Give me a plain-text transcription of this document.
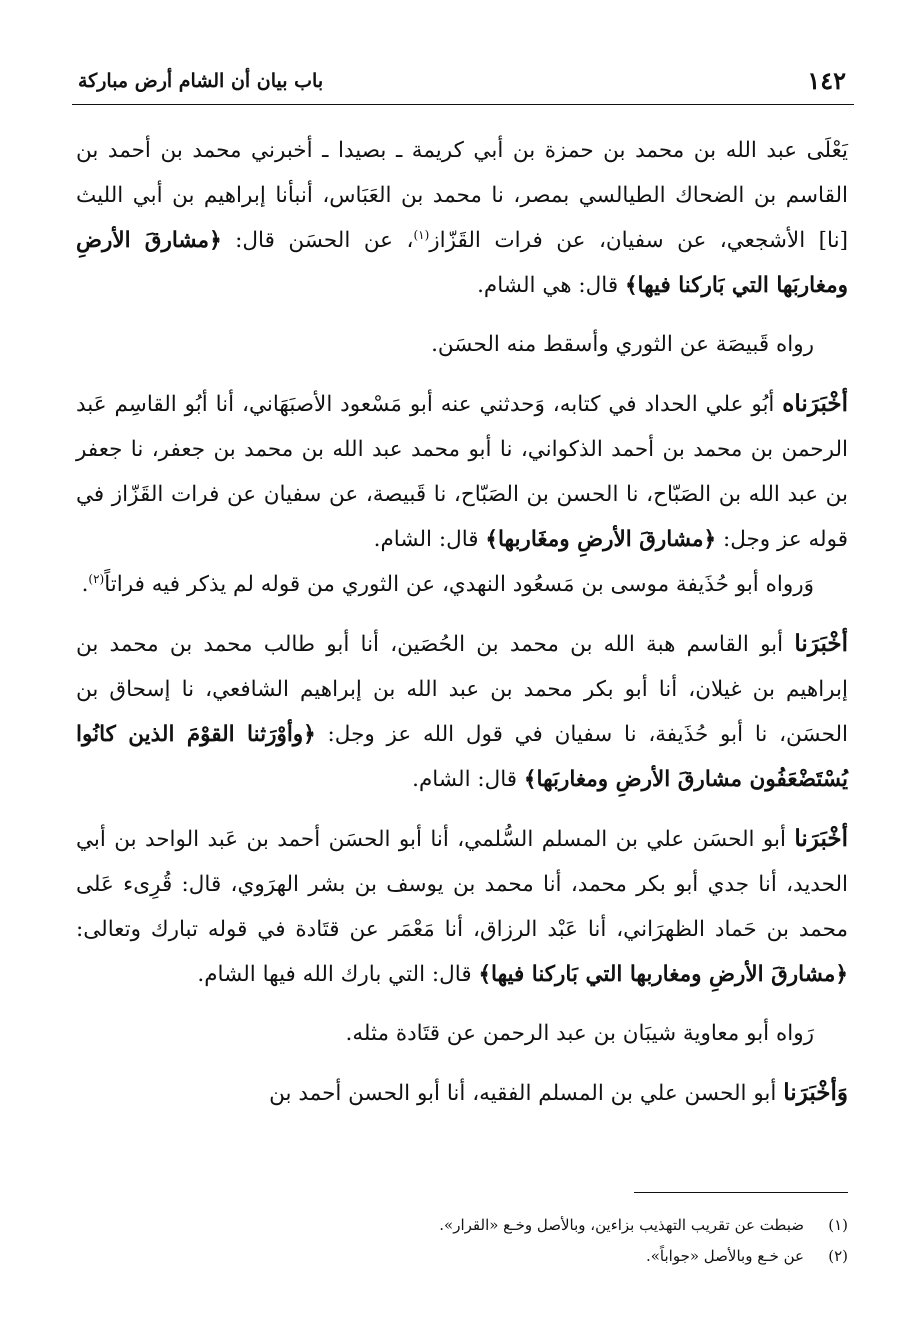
١٤٢
باب بيان أن الشام أرض مباركة

يَعْلَى عبد الله بن محمد بن حمزة بن أبي كريمة ـ بصيدا ـ أخبرني محمد بن أحمد بن القاسم بن الضحاك الطيالسي بمصر، نا محمد بن العَبَاس، أنبأنا إبراهيم بن أبي الليث [نا] الأشجعي، عن سفيان، عن فرات القَزّاز$^{(١)}$، عن الحسَن قال: ﴿مشارقَ الأرضِ ومغاربَها التي بَاركنا فيها﴾ قال: هي الشام.

رواه قَبيصَة عن الثوري وأسقط منه الحسَن.

أخْبَرَناه أبُو علي الحداد في كتابه، وَحدثني عنه أبو مَسْعود الأصبَهَاني، أنا أبُو القاسِم عَبد الرحمن بن محمد بن أحمد الذكواني، نا أبو محمد عبد الله بن محمد بن جعفر، نا جعفر بن عبد الله بن الصَبّاح، نا الحسن بن الصَبّاح، نا قَبيصة، عن سفيان عن فرات القَزّاز في قوله عز وجل: ﴿مشارقَ الأرضِ ومغَاربها﴾ قال: الشام.

وَرواه أبو حُذَيفة موسى بن مَسعُود النهدي، عن الثوري من قوله لم يذكر فيه فراتاً$^{(٢)}$.

أخْبَرَنا أبو القاسم هبة الله بن محمد بن الحُصَين، أنا أبو طالب محمد بن محمد بن إبراهيم بن غيلان، أنا أبو بكر محمد بن عبد الله بن إبراهيم الشافعي، نا إسحاق بن الحسَن، نا أبو حُذَيفة، نا سفيان في قول الله عز وجل: ﴿وأوْرَثنا القوْمَ الذين كانُوا يُسْتَضْعَفُون مشارقَ الأرضِ ومغاربَها﴾ قال: الشام.

أخْبَرَنا أبو الحسَن علي بن المسلم السُّلمي، أنا أبو الحسَن أحمد بن عَبد الواحد بن أبي الحديد، أنا جدي أبو بكر محمد، أنا محمد بن يوسف بن بشر الهرَوي، قال: قُرِىء عَلى محمد بن حَماد الظهرَاني، أنا عَبْد الرزاق، أنا مَعْمَر عن قتَادة في قوله تبارك وتعالى: ﴿مشارقَ الأرضِ ومغاربها التي بَاركنا فيها﴾ قال: التي بارك الله فيها الشام.

رَواه أبو معاوية شيبَان بن عبد الرحمن عن قتَادة مثله.

وَأخْبَرَنا أبو الحسن علي بن المسلم الفقيه، أنا أبو الحسن أحمد بن

(١)ضبطت عن تقريب التهذيب بزاءين، وبالأصل وخـع «القرار».

(٢)عن خـع وبالأصل «جواباً».
